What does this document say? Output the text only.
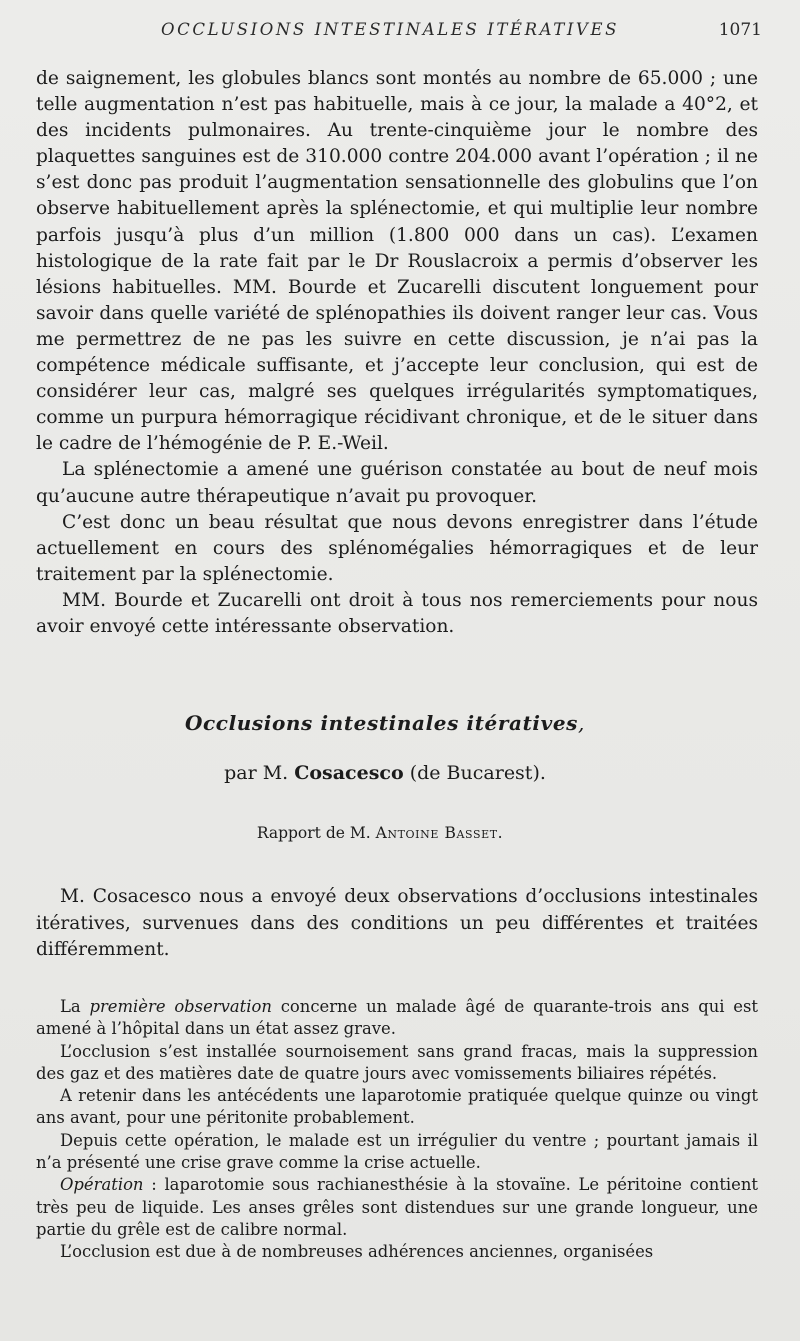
OCCLUSIONS INTESTINALES ITÉRATIVES	1071

de saignement, les globules blancs sont montés au nombre de 65.000 ; une telle augmentation n’est pas habituelle, mais à ce jour, la malade a 40°2, et des incidents pulmonaires. Au trente-cinquième jour le nombre des plaquettes sanguines est de 310.000 contre 204.000 avant l’opération ; il ne s’est donc pas produit l’augmentation sensationnelle des globulins que l’on observe habituellement après la splénectomie, et qui multiplie leur nombre parfois jusqu’à plus d’un million (1.800 000 dans un cas). L’examen histologique de la rate fait par le Dr Rouslacroix a permis d’observer les lésions habituelles. MM. Bourde et Zucarelli discutent longuement pour savoir dans quelle variété de splénopathies ils doivent ranger leur cas. Vous me permettrez de ne pas les suivre en cette discussion, je n’ai pas la compétence médicale suffisante, et j’accepte leur conclusion, qui est de considérer leur cas, malgré ses quelques irrégularités symptomatiques, comme un purpura hémorragique récidivant chronique, et de le situer dans le cadre de l’hémogénie de P. E.-Weil.

La splénectomie a amené une guérison constatée au bout de neuf mois qu’aucune autre thérapeutique n’avait pu provoquer.

C’est donc un beau résultat que nous devons enregistrer dans l’étude actuellement en cours des splénomégalies hémorragiques et de leur traitement par la splénectomie.

MM. Bourde et Zucarelli ont droit à tous nos remerciements pour nous avoir envoyé cette intéressante observation.

Occlusions intestinales itératives,
par M. Cosacesco (de Bucarest).
Rapport de M. Antoine Basset.

M. Cosacesco nous a envoyé deux observations d’occlusions intestinales itératives, survenues dans des conditions un peu différentes et traitées différemment.

La première observation concerne un malade âgé de quarante-trois ans qui est amené à l’hôpital dans un état assez grave.

L’occlusion s’est installée sournoisement sans grand fracas, mais la suppression des gaz et des matières date de quatre jours avec vomissements biliaires répétés.

A retenir dans les antécédents une laparotomie pratiquée quelque quinze ou vingt ans avant, pour une péritonite probablement.

Depuis cette opération, le malade est un irrégulier du ventre ; pourtant jamais il n’a présenté une crise grave comme la crise actuelle.

Opération : laparotomie sous rachianesthésie à la stovaïne. Le péritoine contient très peu de liquide. Les anses grêles sont distendues sur une grande longueur, une partie du grêle est de calibre normal.

L’occlusion est due à de nombreuses adhérences anciennes, organisées
